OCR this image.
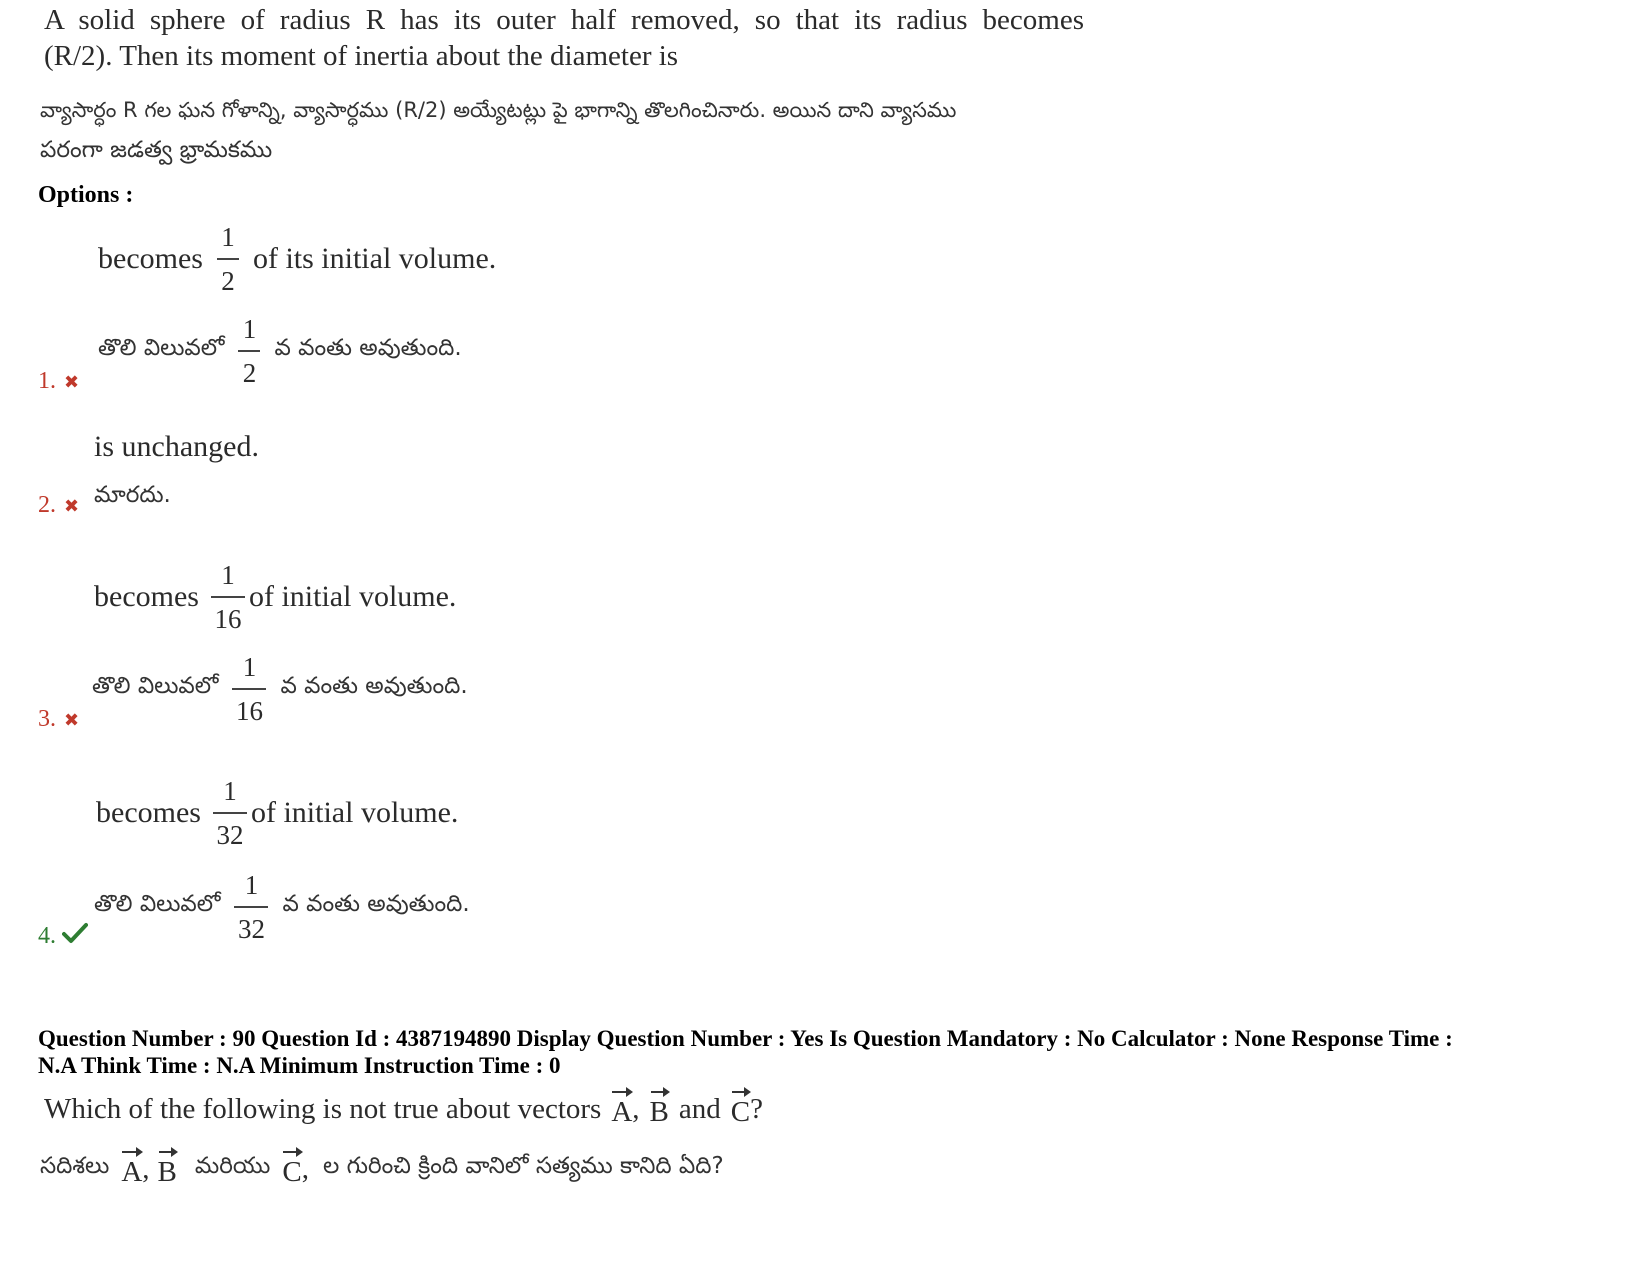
A solid sphere of radius R has its outer half removed, so that its radius becomes
(R/2). Then its moment of inertia about the diameter is
వ్యాసార్ధం R గల ఘన గోళాన్ని, వ్యాసార్ధము (R/2) అయ్యేటట్లు పై భాగాన్ని తొలగించినారు. అయిన దాని వ్యాసము
పరంగా జడత్వ భ్రామకము
Options :
becomes $\frac{1}{2}$ of its initial volume.
తొలి విలువలో $\frac{1}{2}$ వ వంతు అవుతుంది.
1. ✖
is unchanged.
మారదు.
2. ✖
becomes $\frac{1}{16}$ of initial volume.
తొలి విలువలో $\frac{1}{16}$ వ వంతు అవుతుంది.
3. ✖
becomes $\frac{1}{32}$ of initial volume.
తొలి విలువలో $\frac{1}{32}$ వ వంతు అవుతుంది.
4.
Question Number : 90 Question Id : 4387194890 Display Question Number : Yes Is Question Mandatory : No Calculator : None Response Time :
N.A Think Time : N.A Minimum Instruction Time : 0
Which of the following is not true about vectors A , B and C ?
సదిశలు A , B మరియు C , ల గురించి క్రింది వానిలో సత్యము కానిది ఏది?
